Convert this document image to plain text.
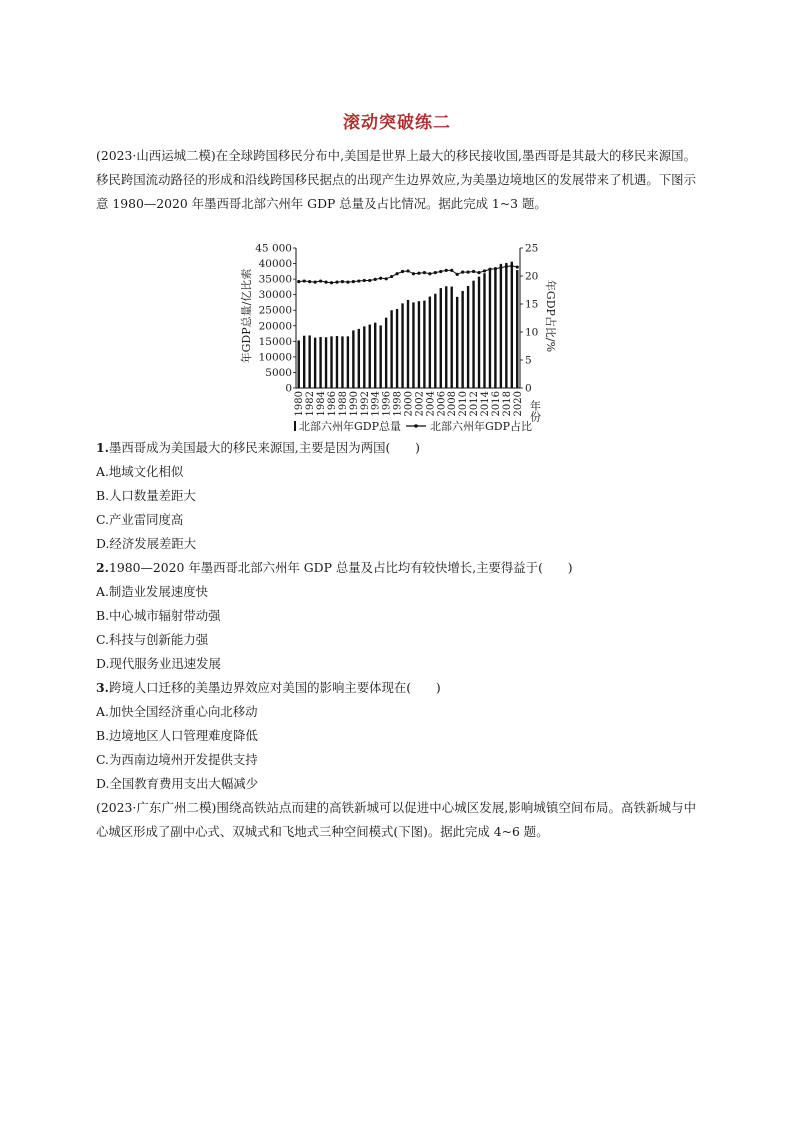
滚动突破练二
(2023·山西运城二模)在全球跨国移民分布中,美国是世界上最大的移民接收国,墨西哥是其最大的移民来源国。移民跨国流动路径的形成和沿线跨国移民据点的出现产生边界效应,为美墨边境地区的发展带来了机遇。下图示意 1980—2020 年墨西哥北部六州年 GDP 总量及占比情况。据此完成 1~3 题。
0
5000
10000
15000
20000
25000
30000
35000
40000
45 000
0
5
10
15
20
25
1980 1982 1984 1986 1988 1990 1992 1994 1996 1998 2000 2002 2004 2006 2008 2010 2012 2014 2016 2018 2020
年GDP总量/亿比索	年GDP占比/%
年份
北部六州年GDP总量	北部六州年GDP占比
1.墨西哥成为美国最大的移民来源国,主要是因为两国(　　)
A.地域文化相似
B.人口数量差距大
C.产业雷同度高
D.经济发展差距大
2.1980—2020 年墨西哥北部六州年 GDP 总量及占比均有较快增长,主要得益于(　　)
A.制造业发展速度快
B.中心城市辐射带动强
C.科技与创新能力强
D.现代服务业迅速发展
3.跨境人口迁移的美墨边界效应对美国的影响主要体现在(　　)
A.加快全国经济重心向北移动
B.边境地区人口管理难度降低
C.为西南边境州开发提供支持
D.全国教育费用支出大幅减少
(2023·广东广州二模)围绕高铁站点而建的高铁新城可以促进中心城区发展,影响城镇空间布局。高铁新城与中心城区形成了副中心式、双城式和飞地式三种空间模式(下图)。据此完成 4~6 题。
